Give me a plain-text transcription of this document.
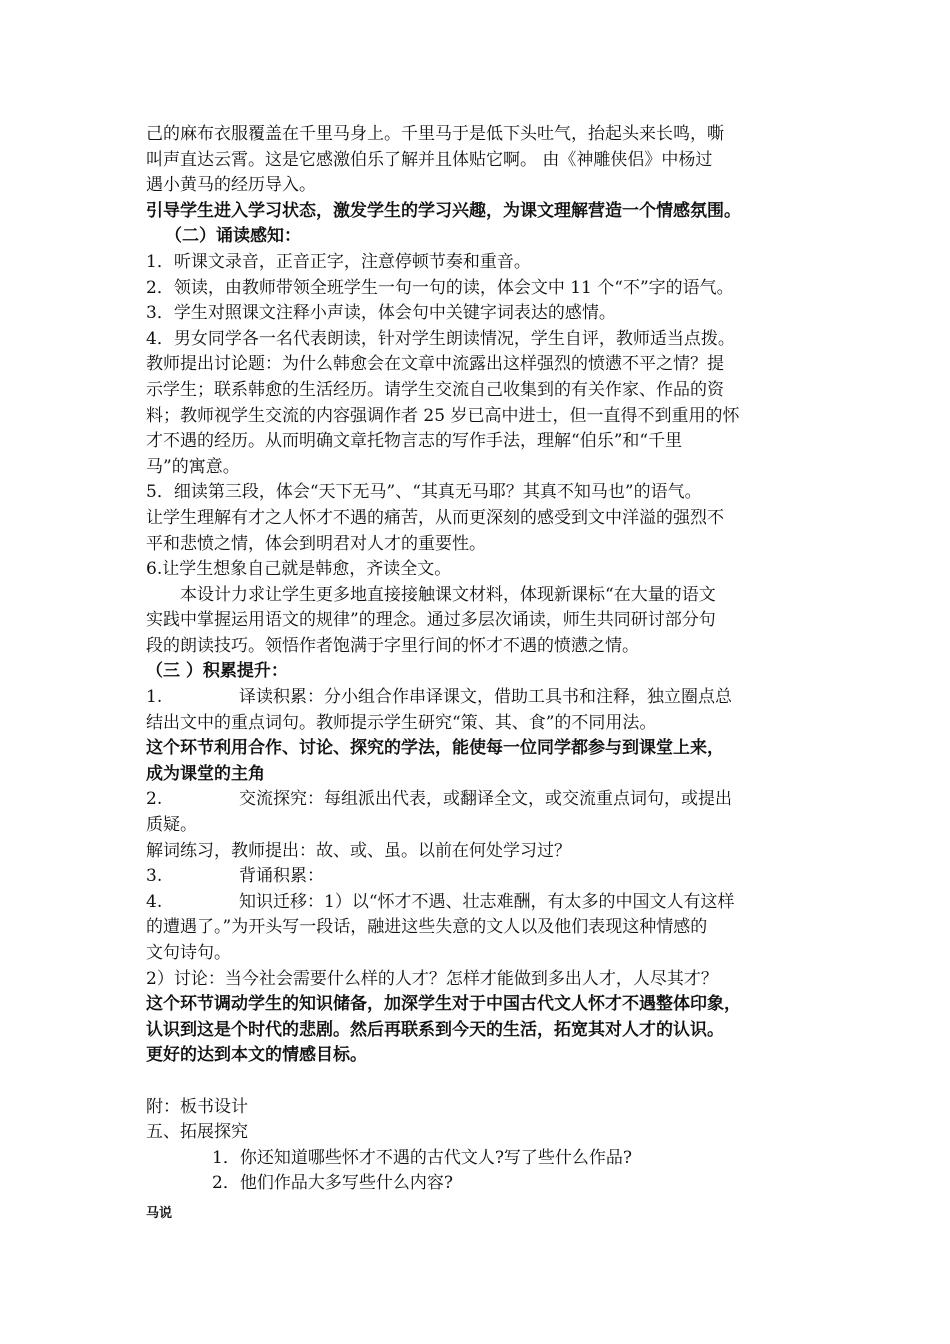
己的麻布衣服覆盖在千里马身上。千里马于是低下头吐气，抬起头来长鸣，嘶

叫声直达云霄。这是它感激伯乐了解并且体贴它啊。 由《神雕侠侣》中杨过

遇小黄马的经历导入。

引导学生进入学习状态，激发学生的学习兴趣，为课文理解营造一个情感氛围。

（二）诵读感知：

1．听课文录音，正音正字，注意停顿节奏和重音。

2．领读，由教师带领全班学生一句一句的读，体会文中 11 个“不”字的语气。

3．学生对照课文注释小声读，体会句中关键字词表达的感情。

4．男女同学各一名代表朗读，针对学生朗读情况，学生自评，教师适当点拨。

教师提出讨论题：为什么韩愈会在文章中流露出这样强烈的愤懑不平之情？提

示学生；联系韩愈的生活经历。请学生交流自己收集到的有关作家、作品的资

料；教师视学生交流的内容强调作者 25 岁已高中进士，但一直得不到重用的怀

才不遇的经历。从而明确文章托物言志的写作手法，理解“伯乐”和“千里

马”的寓意。

5．细读第三段，体会“天下无马”、“其真无马耶？其真不知马也”的语气。

让学生理解有才之人怀才不遇的痛苦，从而更深刻的感受到文中洋溢的强烈不

平和悲愤之情，体会到明君对人才的重要性。

6.让学生想象自己就是韩愈，齐读全文。

本设计力求让学生更多地直接接触课文材料，体现新课标“在大量的语文

实践中掌握运用语文的规律”的理念。通过多层次诵读，师生共同研讨部分句

段的朗读技巧。领悟作者饱满于字里行间的怀才不遇的愤懑之情。

（三 ）积累提升：

1.	译读积累：分小组合作串译课文，借助工具书和注释，独立圈点总

结出文中的重点词句。教师提示学生研究“策、其、食”的不同用法。

这个环节利用合作、讨论、探究的学法，能使每一位同学都参与到课堂上来，

成为课堂的主角

2.	交流探究：每组派出代表，或翻译全文，或交流重点词句，或提出

质疑。

解词练习，教师提出：故、或、虽。以前在何处学习过？

3.	背诵积累：

4.	知识迁移：1）以“怀才不遇、壮志难酬，有太多的中国文人有这样

的遭遇了。”为开头写一段话，融进这些失意的文人以及他们表现这种情感的

文句诗句。

2）讨论：当今社会需要什么样的人才？怎样才能做到多出人才，人尽其才？

这个环节调动学生的知识储备，加深学生对于中国古代文人怀才不遇整体印象，

认识到这是个时代的悲剧。然后再联系到今天的生活，拓宽其对人才的认识。

更好的达到本文的情感目标。

附：板书设计

五、拓展探究

1．你还知道哪些怀才不遇的古代文人?写了些什么作品?

2．他们作品大多写些什么内容?

马说
